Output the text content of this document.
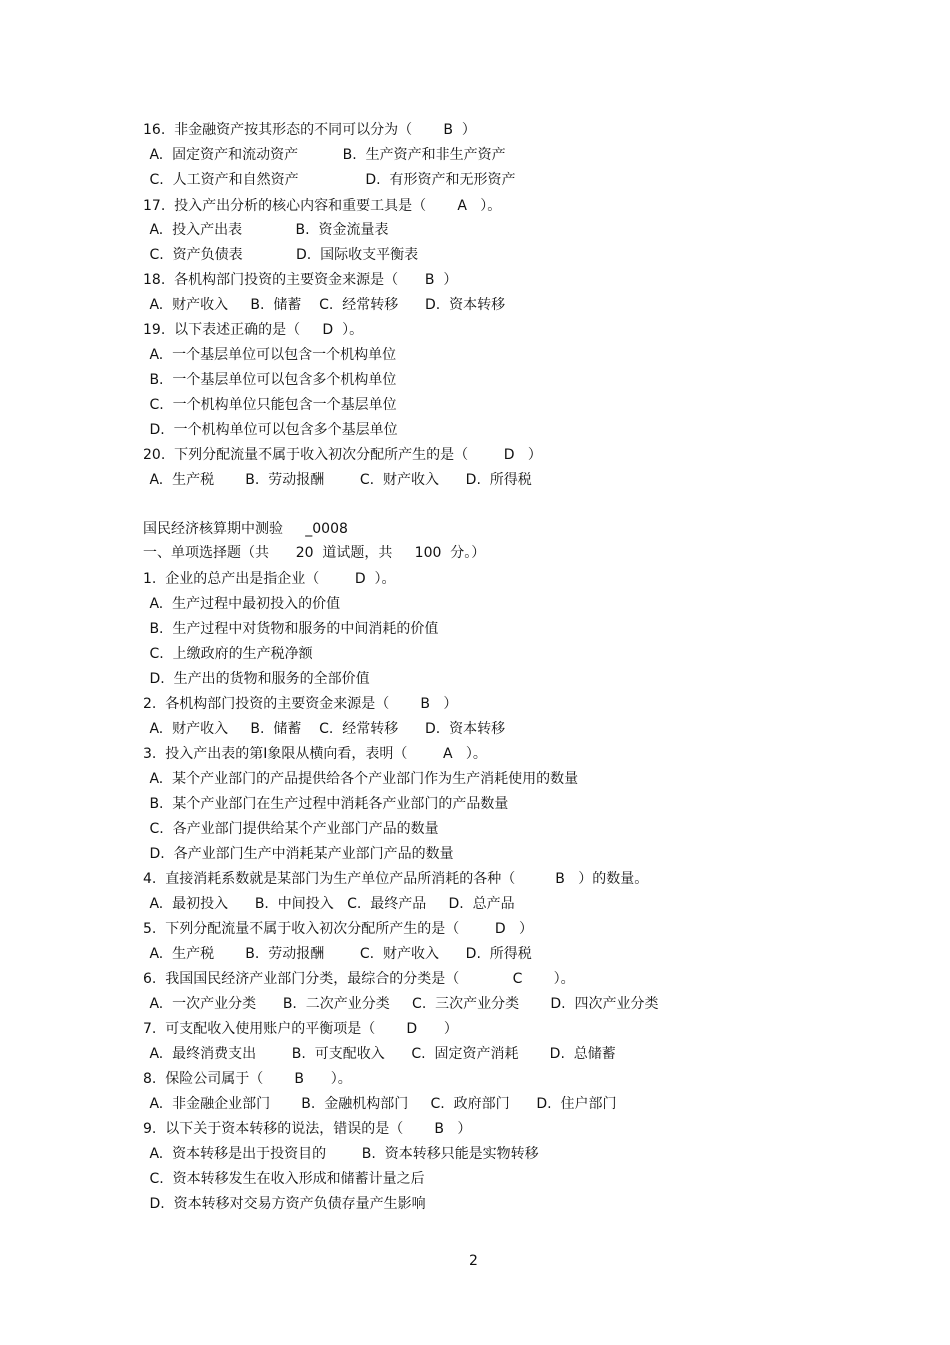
16.  非金融资产按其形态的不同可以分为（       B  ）
A.  固定资产和流动资产          B.  生产资产和非生产资产
C.  人工资产和自然资产               D.  有形资产和无形资产
17.  投入产出分析的核心内容和重要工具是（       A   ）。
A.  投入产出表            B.  资金流量表
C.  资产负债表            D.  国际收支平衡表
18.  各机构部门投资的主要资金来源是（      B  ）
A.  财产收入     B.  储蓄    C.  经常转移      D.  资本转移
19.  以下表述正确的是（     D  ）。
A.  一个基层单位可以包含一个机构单位
B.  一个基层单位可以包含多个机构单位
C.  一个机构单位只能包含一个基层单位
D.  一个机构单位可以包含多个基层单位
20.  下列分配流量不属于收入初次分配所产生的是（        D   ）
A.  生产税       B.  劳动报酬        C.  财产收入      D.  所得税
国民经济核算期中测验     _0008
一、单项选择题（共      20  道试题，共     100  分。）
1.  企业的总产出是指企业（        D  ）。
A.  生产过程中最初投入的价值
B.  生产过程中对货物和服务的中间消耗的价值
C.  上缴政府的生产税净额
D.  生产出的货物和服务的全部价值
2.  各机构部门投资的主要资金来源是（       B   ）
A.  财产收入     B.  储蓄    C.  经常转移      D.  资本转移
3.  投入产出表的第Ⅰ象限从横向看，表明（        A   ）。
A.  某个产业部门的产品提供给各个产业部门作为生产消耗使用的数量
B.  某个产业部门在生产过程中消耗各产业部门的产品数量
C.  各产业部门提供给某个产业部门产品的数量
D.  各产业部门生产中消耗某产业部门产品的数量
4.  直接消耗系数就是某部门为生产单位产品所消耗的各种（         B   ）的数量。
A.  最初投入      B.  中间投入   C.  最终产品     D.  总产品
5.  下列分配流量不属于收入初次分配所产生的是（        D   ）
A.  生产税       B.  劳动报酬        C.  财产收入      D.  所得税
6.  我国国民经济产业部门分类，最综合的分类是（            C       ）。
A.  一次产业分类      B.  二次产业分类     C.  三次产业分类       D.  四次产业分类
7.  可支配收入使用账户的平衡项是（       D      ）
A.  最终消费支出        B.  可支配收入      C.  固定资产消耗       D.  总储蓄
8.  保险公司属于（       B      ）。
A.  非金融企业部门       B.  金融机构部门     C.  政府部门      D.  住户部门
9.  以下关于资本转移的说法，错误的是（       B   ）
A.  资本转移是出于投资目的        B.  资本转移只能是实物转移
C.  资本转移发生在收入形成和储蓄计量之后
D.  资本转移对交易方资产负债存量产生影响
2
